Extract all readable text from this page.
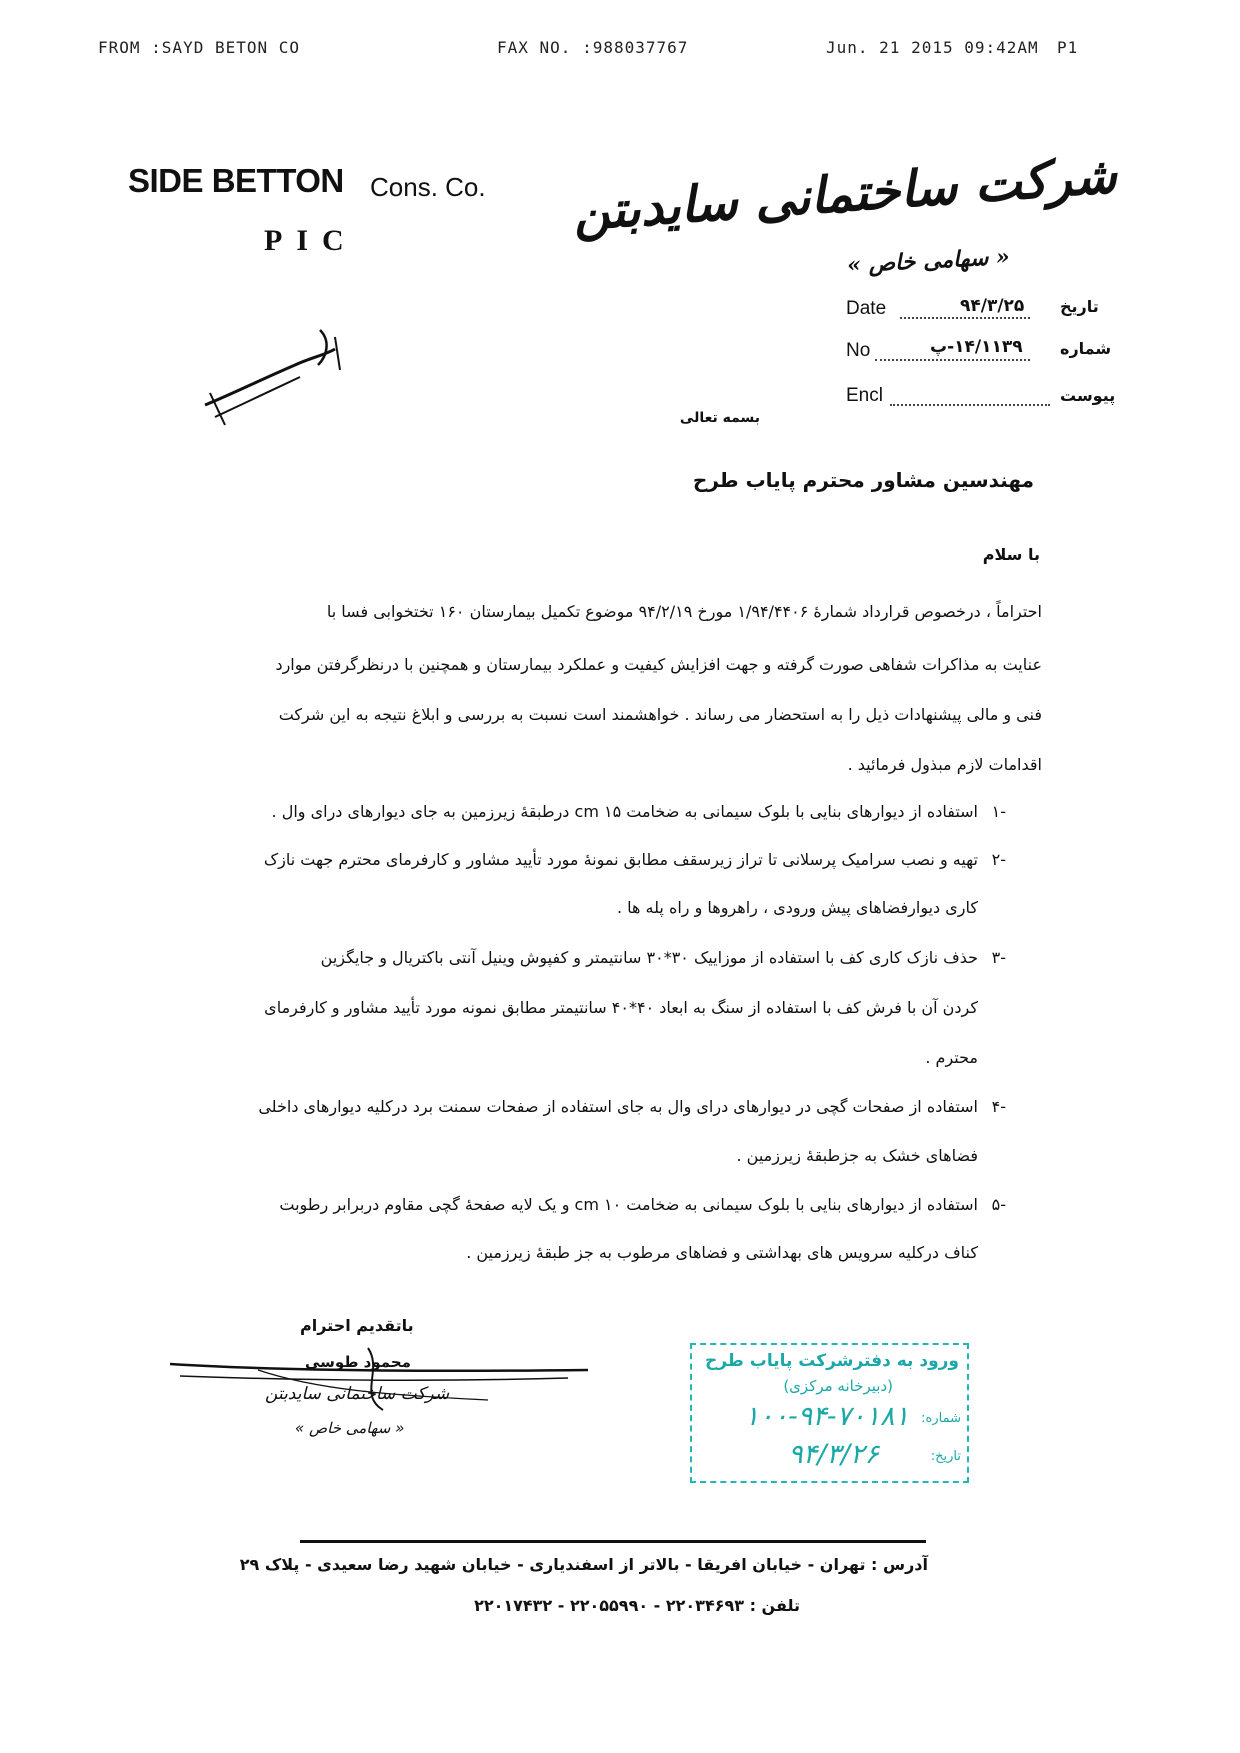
FROM :SAYD BETON CO	FAX NO. :988037767	Jun. 21 2015 09:42AM P1
SIDE BETTON Cons. Co.
PIC	شرکت ساختمانی سایدبتن
« سهامی خاص »
Date	۹۴/۳/۲۵ تاریخ
No	۱۴/۱۱۳۹-پ شماره
Encl	پیوست
بسمه تعالی
مهندسین مشاور محترم پایاب طرح
با سلام
احتراماً ، درخصوص قرارداد شمارۀ ۱/۹۴/۴۴۰۶ مورخ ۹۴/۲/۱۹ موضوع تکمیل بیمارستان ۱۶۰ تختخوابی فسا با
عنایت به مذاکرات شفاهی صورت گرفته و جهت افزایش کیفیت و عملکرد بیمارستان و همچنین با درنظرگرفتن موارد
فنی و مالی پیشنهادات ذیل را به استحضار می رساند . خواهشمند است نسبت به بررسی و ابلاغ نتیجه به این شرکت
اقدامات لازم مبذول فرمائید .
۱-
استفاده از دیوارهای بنایی با بلوک سیمانی به ضخامت ۱۵ cm درطبقۀ زیرزمین به جای دیوارهای درای وال .
۲-
تهیه و نصب سرامیک پرسلانی تا تراز زیرسقف مطابق نمونۀ مورد تأیید مشاور و کارفرمای محترم جهت نازک
کاری دیوارفضاهای پیش ورودی ، راهروها و راه پله ها .
۳-
حذف نازک کاری کف با استفاده از موزاییک ۳۰*۳۰ سانتیمتر و کفپوش وینیل آنتی باکتریال و جایگزین
کردن آن با فرش کف با استفاده از سنگ به ابعاد ۴۰*۴۰ سانتیمتر مطابق نمونه مورد تأیید مشاور و کارفرمای
محترم .
۴-
استفاده از صفحات گچی در دیوارهای درای وال به جای استفاده از صفحات سمنت برد درکلیه دیوارهای داخلی
فضاهای خشک به جزطبقۀ زیرزمین .
۵-
استفاده از دیوارهای بنایی با بلوک سیمانی به ضخامت ۱۰ cm و یک لایه صفحۀ گچی مقاوم دربرابر رطوبت
کناف درکلیه سرویس های بهداشتی و فضاهای مرطوب به جز طبقۀ زیرزمین .
باتقدیم احترام
محمود طوسی
شرکت ساختمانی سایدبتن
« سهامی خاص »
ورود به دفترشرکت پایاب طرح
(دبیرخانه مرکزی)
شماره:
۱۰۰-۹۴-۷۰۱۸۱
تاریخ:
۹۴/۳/۲۶
آدرس : تهران - خیابان افریقا - بالاتر از اسفندیاری - خیابان شهید رضا سعیدی - پلاک ۲۹
تلفن : ۲۲۰۳۴۶۹۳ - ۲۲۰۵۵۹۹۰ - ۲۲۰۱۷۴۳۲
